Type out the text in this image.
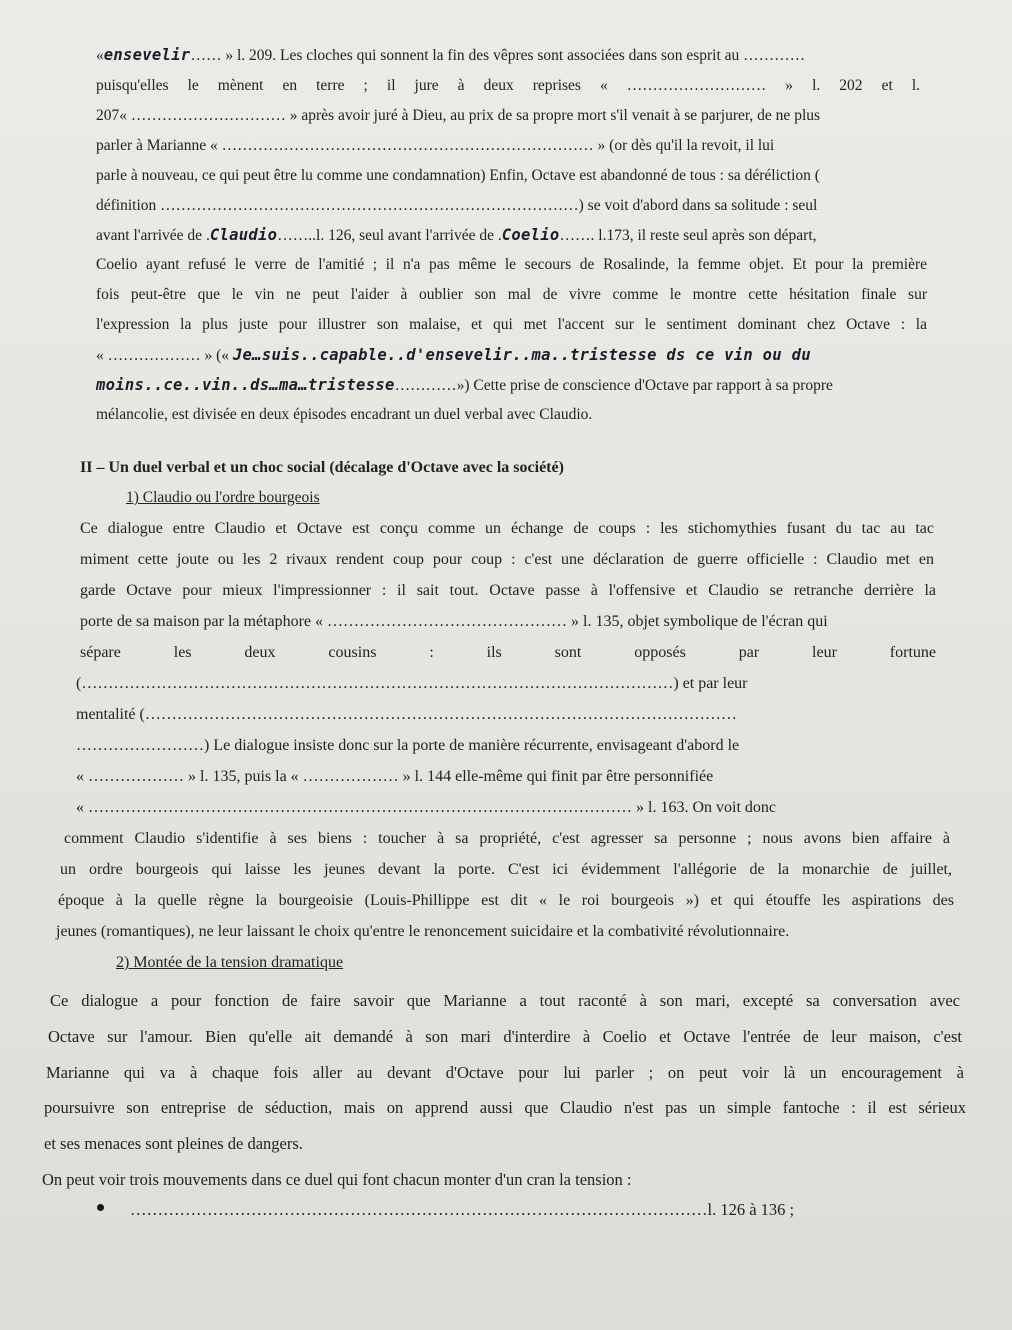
«ensevelir…… » l. 209. Les cloches qui sonnent la fin des vêpres sont associées dans son esprit au …………
puisqu'elles le mènent en terre ; il jure à deux reprises « ……………………… » l. 202 et l.
207« ………………………… » après avoir juré à Dieu, au prix de sa propre mort s'il venait à se parjurer, de ne plus
parler à Marianne « ……………………………………………………………… » (or dès qu'il la revoit, il lui
parle à nouveau, ce qui peut être lu comme une condamnation) Enfin, Octave est abandonné de tous : sa déréliction (
définition ………………………………………………………………………) se voit d'abord dans sa solitude : seul
avant l'arrivée de .Claudio……..l. 126, seul avant l'arrivée de .Coelio……. l.173, il reste seul après son départ,
Coelio ayant refusé le verre de l'amitié ; il n'a pas même le secours de Rosalinde, la femme objet. Et pour la première
fois peut-être que le vin ne peut l'aider à oublier son mal de vivre comme le montre cette hésitation finale sur
l'expression la plus juste pour illustrer son malaise, et qui met l'accent sur le sentiment dominant chez Octave : la
« ……………… » (« Je…suis..capable..d'ensevelir..ma..tristesse ds ce vin ou du
moins..ce..vin..ds…ma…tristesse…………») Cette prise de conscience d'Octave par rapport à sa propre
mélancolie, est divisée en deux épisodes encadrant un duel verbal avec Claudio.
II – Un duel verbal et un choc social (décalage d'Octave avec la société)
1) Claudio ou l'ordre bourgeois
Ce dialogue entre Claudio et Octave est conçu comme un échange de coups : les stichomythies fusant du tac au tac
miment cette joute ou les 2 rivaux rendent coup pour coup : c'est une déclaration de guerre officielle : Claudio met en
garde Octave pour mieux l'impressionner : il sait tout. Octave passe à l'offensive et Claudio se retranche derrière la
porte de sa maison par la métaphore « ……………………………………… » l. 135, objet symbolique de l'écran qui
sépare les deux cousins : ils sont opposés par leur fortune
(…………………………………………………………………………………………………) et par leur
mentalité (…………………………………………………………………………………………………
……………………) Le dialogue insiste donc sur la porte de manière récurrente, envisageant d'abord le
« ……………… » l. 135, puis la « ……………… » l. 144 elle-même qui finit par être personnifiée
« ………………………………………………………………………………………… » l. 163. On voit donc
comment Claudio s'identifie à ses biens : toucher à sa propriété, c'est agresser sa personne ; nous avons bien affaire à
un ordre bourgeois qui laisse les jeunes devant la porte. C'est ici évidemment l'allégorie de la monarchie de juillet,
époque à la quelle règne la bourgeoisie (Louis-Phillippe est dit « le roi bourgeois ») et qui étouffe les aspirations des
jeunes (romantiques), ne leur laissant le choix qu'entre le renoncement suicidaire et la combativité révolutionnaire.
2) Montée de la tension dramatique
Ce dialogue a pour fonction de faire savoir que Marianne a tout raconté à son mari, excepté sa conversation avec
Octave sur l'amour. Bien qu'elle ait demandé à son mari d'interdire à Coelio et Octave l'entrée de leur maison, c'est
Marianne qui va à chaque fois aller au devant d'Octave pour lui parler ; on peut voir là un encouragement à
poursuivre son entreprise de séduction, mais on apprend aussi que Claudio n'est pas un simple fantoche : il est sérieux
et ses menaces sont pleines de dangers.
On peut voir trois mouvements dans ce duel qui font chacun monter d'un cran la tension :
……………………………………………………………………………………………l. 126 à 136 ;
